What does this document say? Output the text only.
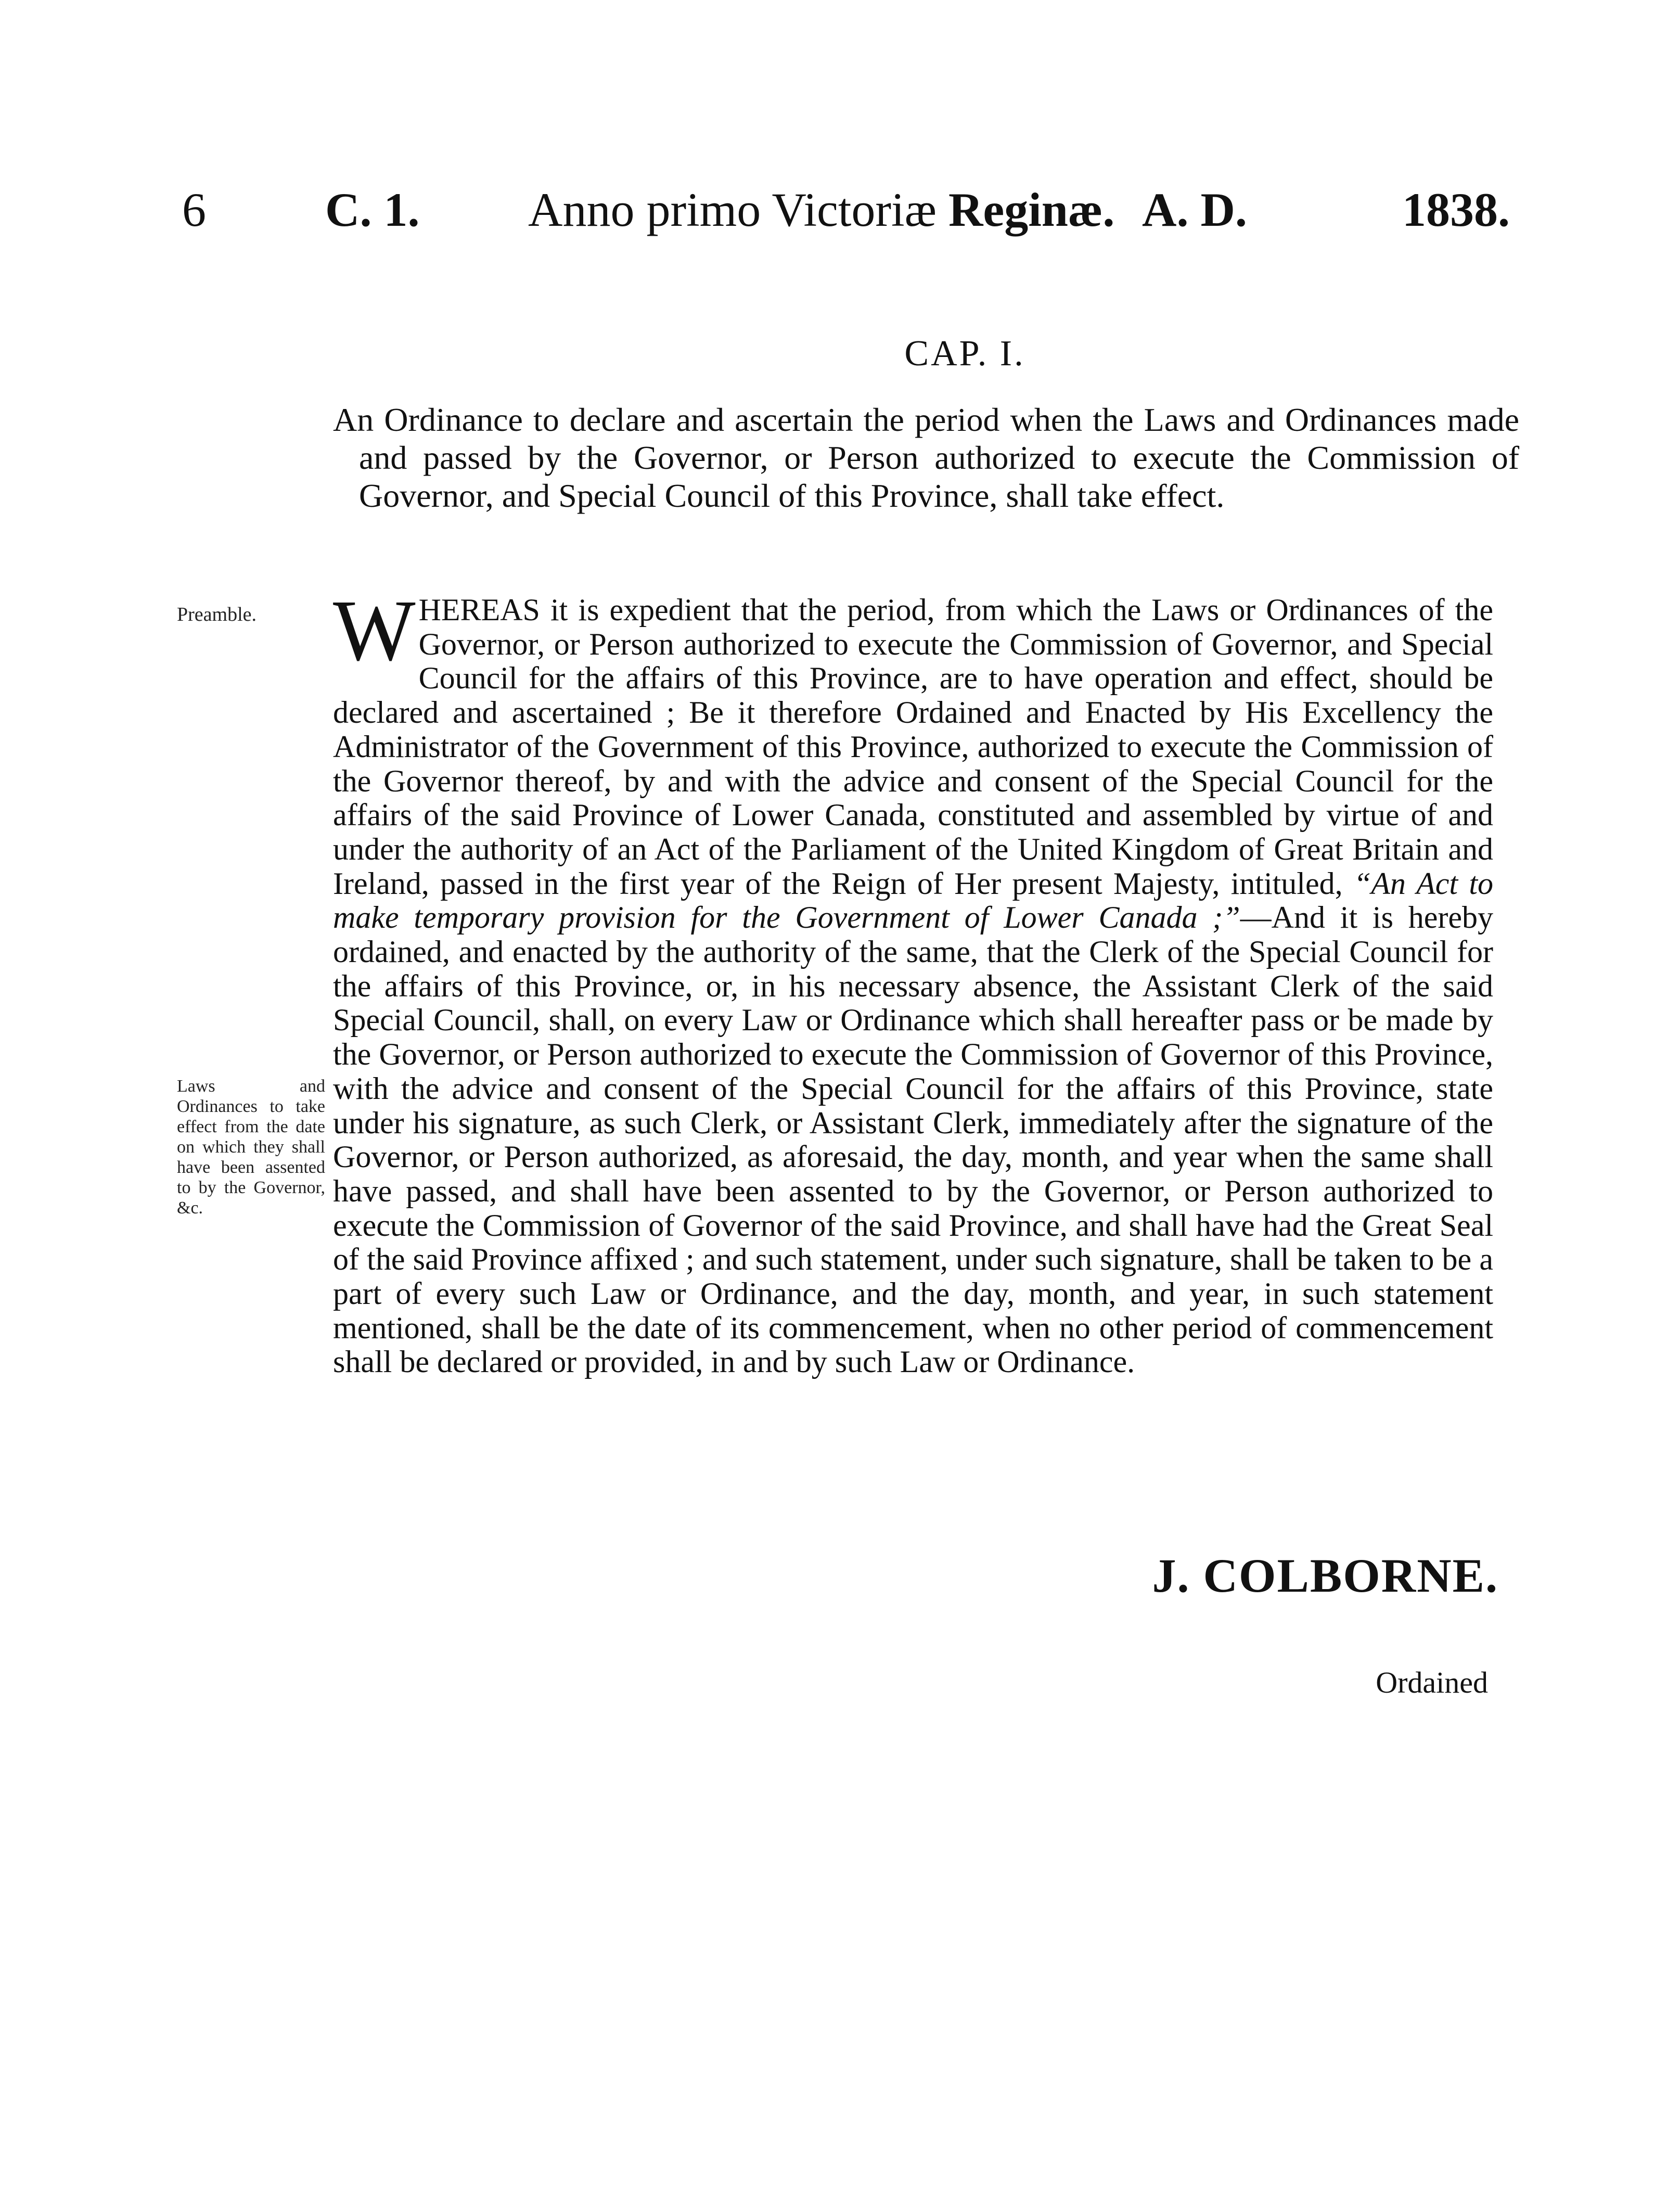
6 C. 1. Anno primo Victoriæ Reginæ. A. D.	1838.
CAP. I.
An Ordinance to declare and ascertain the period when the Laws and Ordinances made and passed by the Governor, or Person authorized to execute the Commission of Governor, and Special Council of this Province, shall take effect.
Preamble.
Laws and Ordinances to take effect from the date on which they shall have been assented to by the Governor, &c.
WHEREAS it is expedient that the period, from which the Laws or Ordinances of the Governor, or Person authorized to execute the Commission of Governor, and Special Council for the affairs of this Province, are to have operation and effect, should be declared and ascertained ; Be it therefore Ordained and Enacted by His Excellency the Administrator of the Government of this Province, authorized to execute the Commission of the Governor thereof, by and with the advice and consent of the Special Council for the affairs of the said Province of Lower Canada, constituted and assembled by virtue of and under the authority of an Act of the Parliament of the United Kingdom of Great Britain and Ireland, passed in the first year of the Reign of Her present Majesty, intituled, “An Act to make temporary provision for the Government of Lower Canada ;”—And it is hereby ordained, and enacted by the authority of the same, that the Clerk of the Special Council for the affairs of this Province, or, in his necessary absence, the Assistant Clerk of the said Special Council, shall, on every Law or Ordinance which shall hereafter pass or be made by the Governor, or Person authorized to execute the Commission of Governor of this Province, with the advice and consent of the Special Council for the affairs of this Province, state under his signature, as such Clerk, or Assistant Clerk, immediately after the signature of the Governor, or Person authorized, as aforesaid, the day, month, and year when the same shall have passed, and shall have been assented to by the Governor, or Person authorized to execute the Commission of Governor of the said Province, and shall have had the Great Seal of the said Province affixed ; and such statement, under such signature, shall be taken to be a part of every such Law or Ordinance, and the day, month, and year, in such statement mentioned, shall be the date of its commencement, when no other period of commencement shall be declared or provided, in and by such Law or Ordinance.
J. COLBORNE.
Ordained
